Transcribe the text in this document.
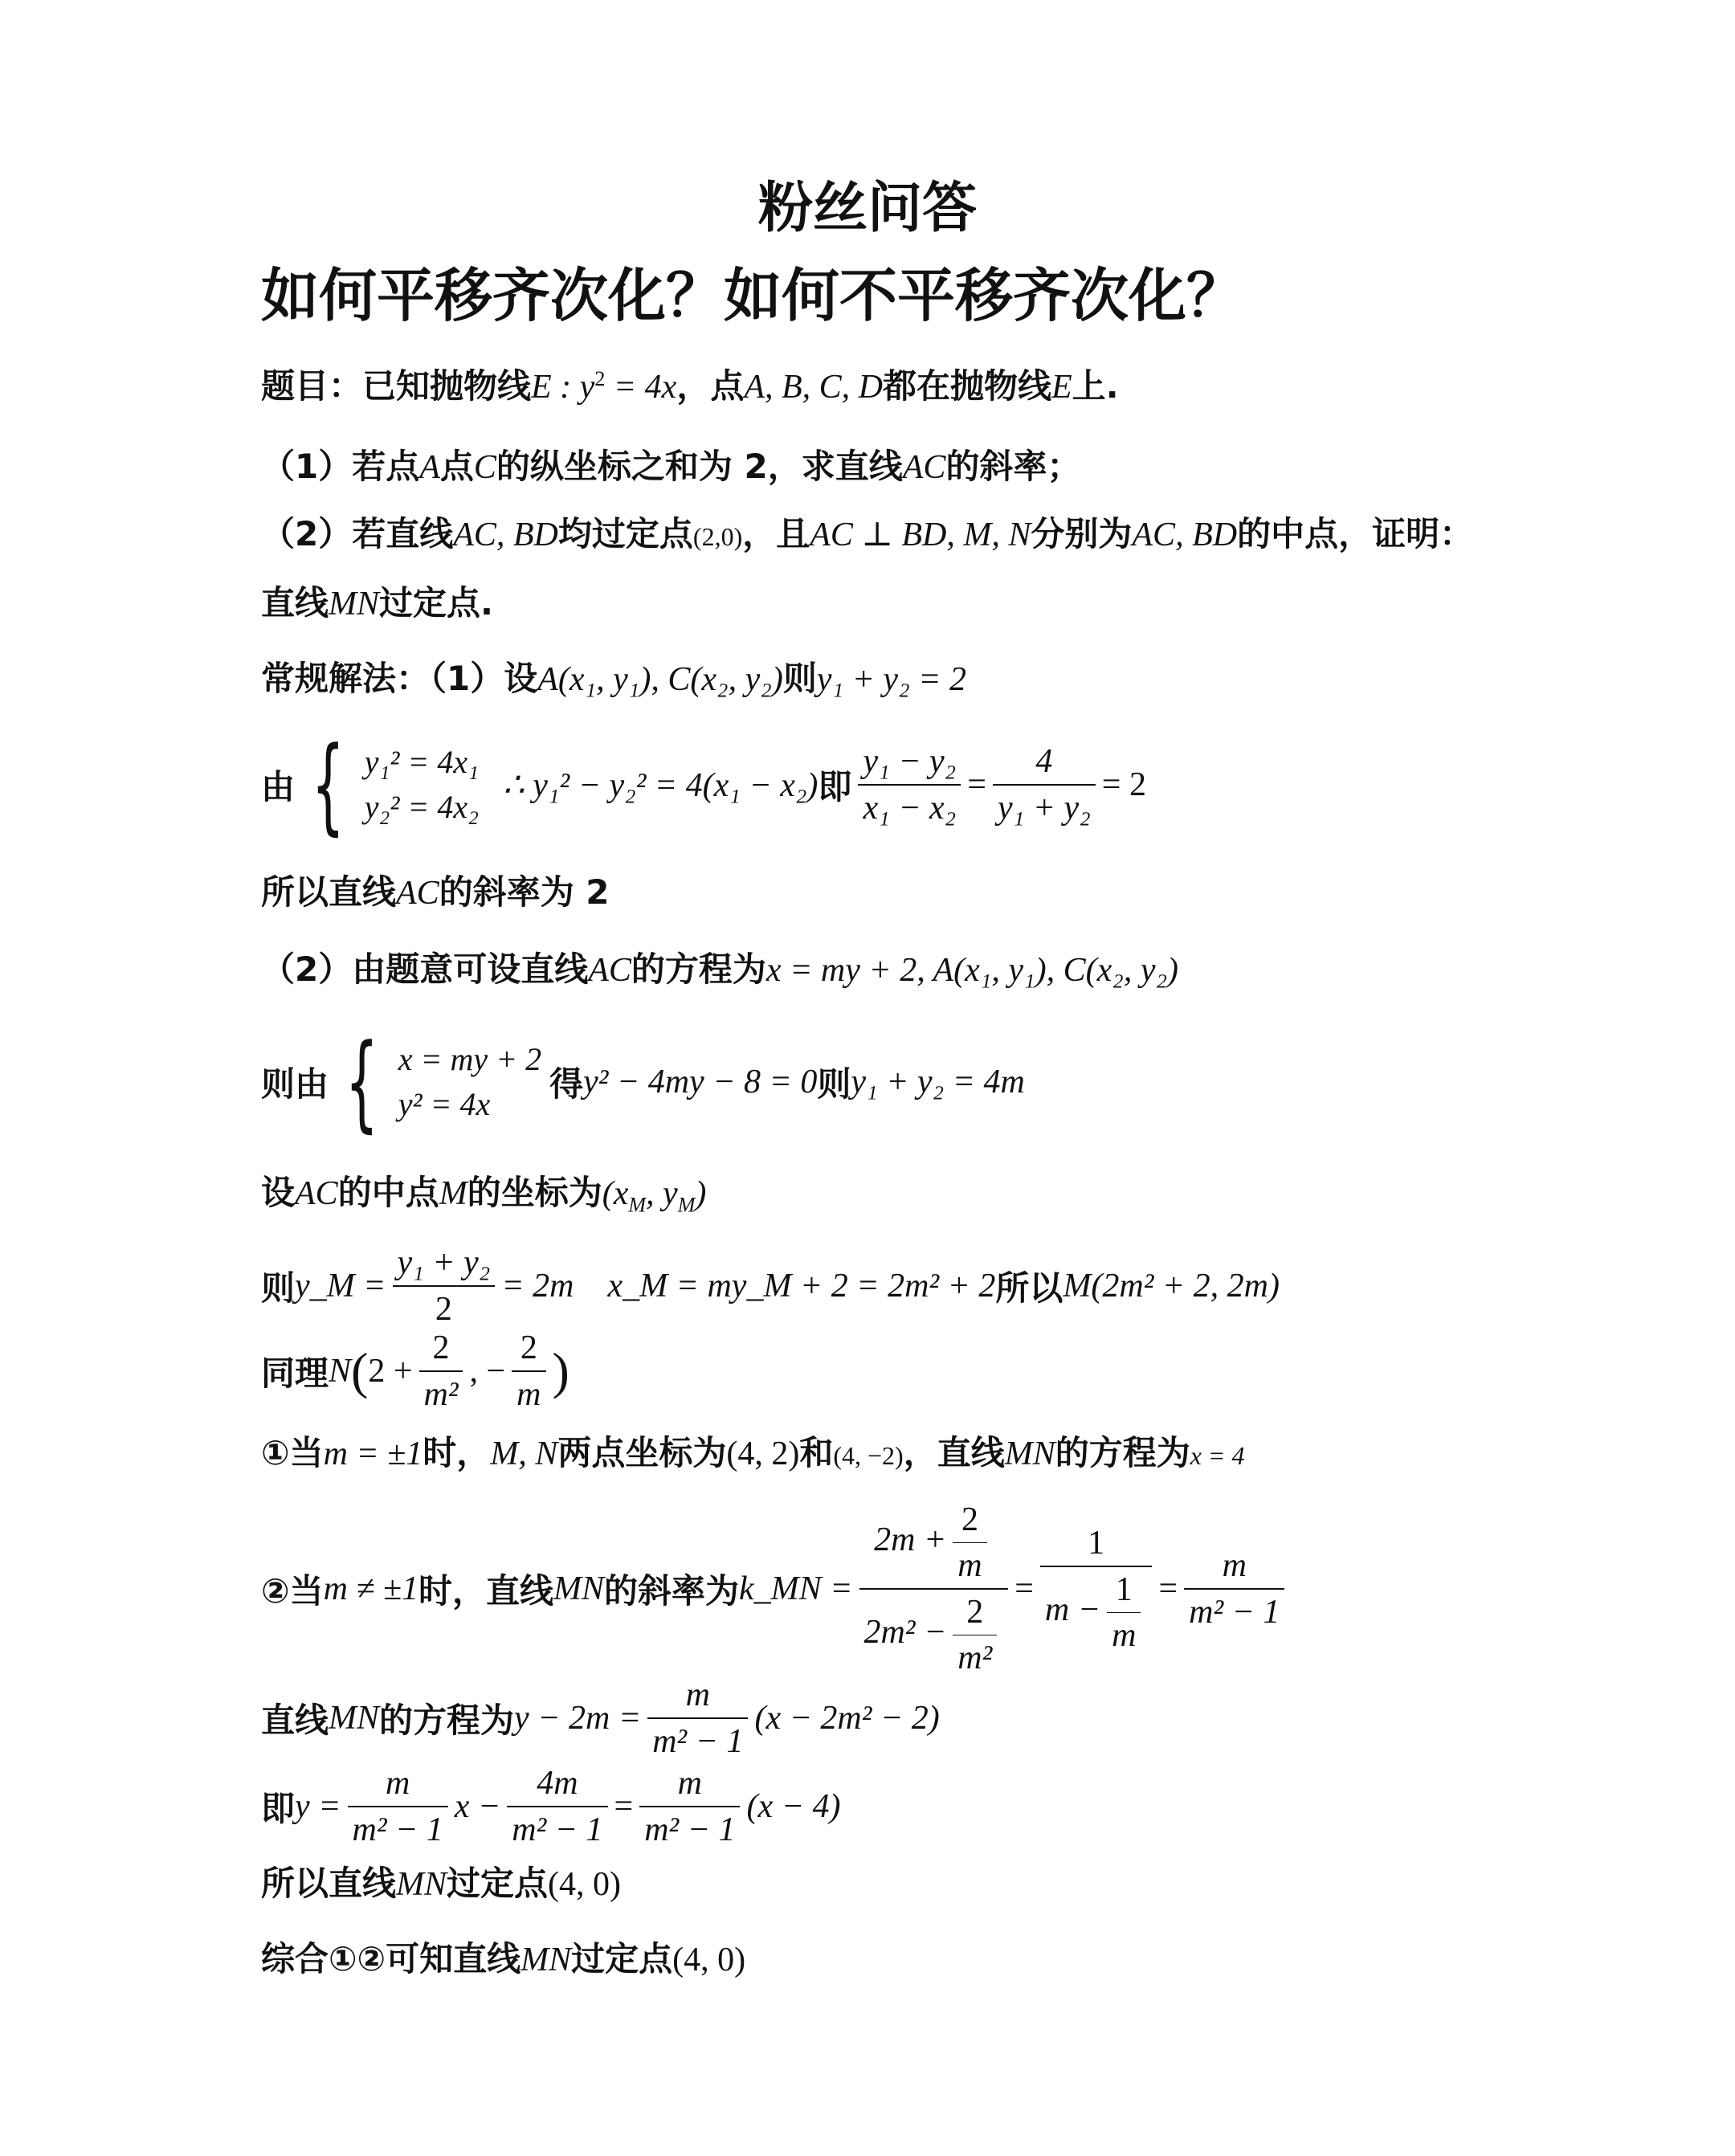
粉丝问答
如何平移齐次化？如何不平移齐次化？
题目：已知抛物线E : $y^2 = 4x$，点A, B, C, D都在抛物线E上.
（1）若点A点C的纵坐标之和为 2，求直线AC的斜率；
（2）若直线AC, BD均过定点(2,0)，且AC ⊥ BD, M, N分别为AC, BD的中点，证明：
直线MN过定点.
常规解法：（1）设A(x₁, y₁), C(x₂, y₂)则y₁ + y₂ = 2
由 { y₁² = 4x₁
y₂² = 4x₂
∴ y₁² − y₂² = 4(x₁ − x₂)即 $\frac{\text{y₁ − y₂}}{\text{x₁ − x₂}} = \frac{4}{\text{y₁ + y₂}} = 2$
所以直线AC的斜率为 2
（2）由题意可设直线AC的方程为x = my + 2, A(x₁, y₁), C(x₂, y₂)
则由 { x = my + 2
y² = 4x
得y² − 4my − 8 = 0则y₁ + y₂ = 4m
设AC的中点M的坐标为($x_M$, $y_M$)
则y_M = $\frac{\text{y₁ + y₂}}{2} = 2m$    x_M = my_M + 2 = 2m² + 2所以M(2m² + 2, 2m)
同理$N(2 + \frac{2}{\text{m²}}$ , − $\frac{2}{m}$ )
①当m = ±1时，M, N两点坐标为(4, 2)和(4, −2)，直线MN的方程为x = 4
②当m ≠ ±1时，直线MN的斜率为k_MN = $\frac{2m + \frac{2}{m}}{2m^2 - \frac{2}{\text{m²}}} = \frac{1}{m - \frac{1}{m}} = \frac{m}{\text{m² − 1}}$
直线MN的方程为$y - 2m = \frac{m}{\text{m² − 1}} (x - 2m^2 - 2)$
即$y = \frac{m}{\text{m² − 1}}$ $x - \frac{4m}{\text{m² − 1}} = \frac{m}{\text{m² − 1}} (x - 4)$
所以直线MN过定点(4, 0)
综合①②可知直线MN过定点(4, 0)
